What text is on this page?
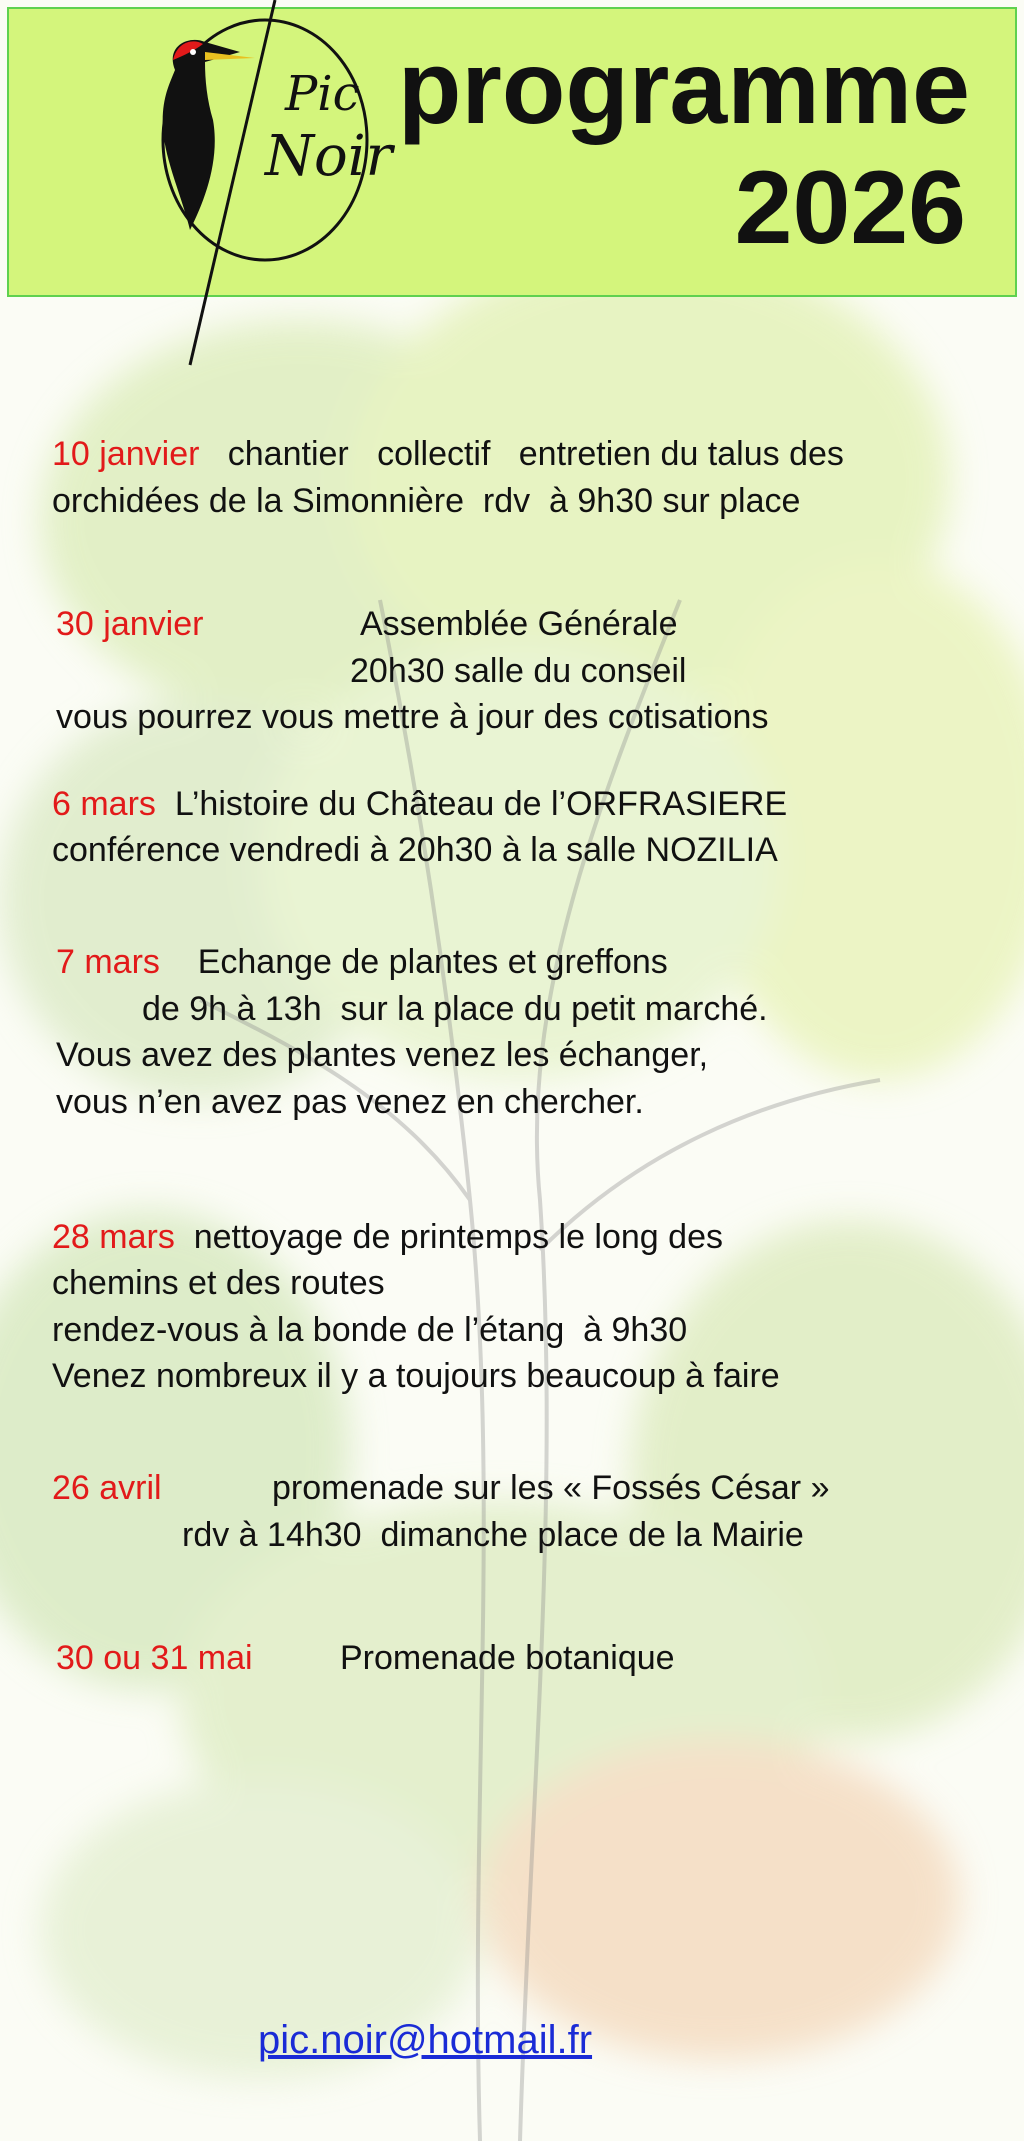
Pic
Noir
programme
2026
10 janvier chantier   collectif   entretien du talus des
orchidées de la Simonnière  rdv  à 9h30 sur place
30 janvier	Assemblée Générale
20h30 salle du conseil
vous pourrez vous mettre à jour des cotisations
6 mars L’histoire du Château de l’ORFRASIERE
conférence vendredi à 20h30 à la salle NOZILIA
7 mars Echange de plantes et greffons
de 9h à 13h  sur la place du petit marché.
Vous avez des plantes venez les échanger,
vous n’en avez pas venez en chercher.
28 mars nettoyage de printemps le long des
chemins et des routes
rendez-vous à la bonde de l’étang  à 9h30
Venez nombreux il y a toujours beaucoup à faire
26 avril	promenade sur les « Fossés César »
rdv à 14h30  dimanche place de la Mairie
30 ou 31 mai	Promenade botanique
pic.noir@hotmail.fr
